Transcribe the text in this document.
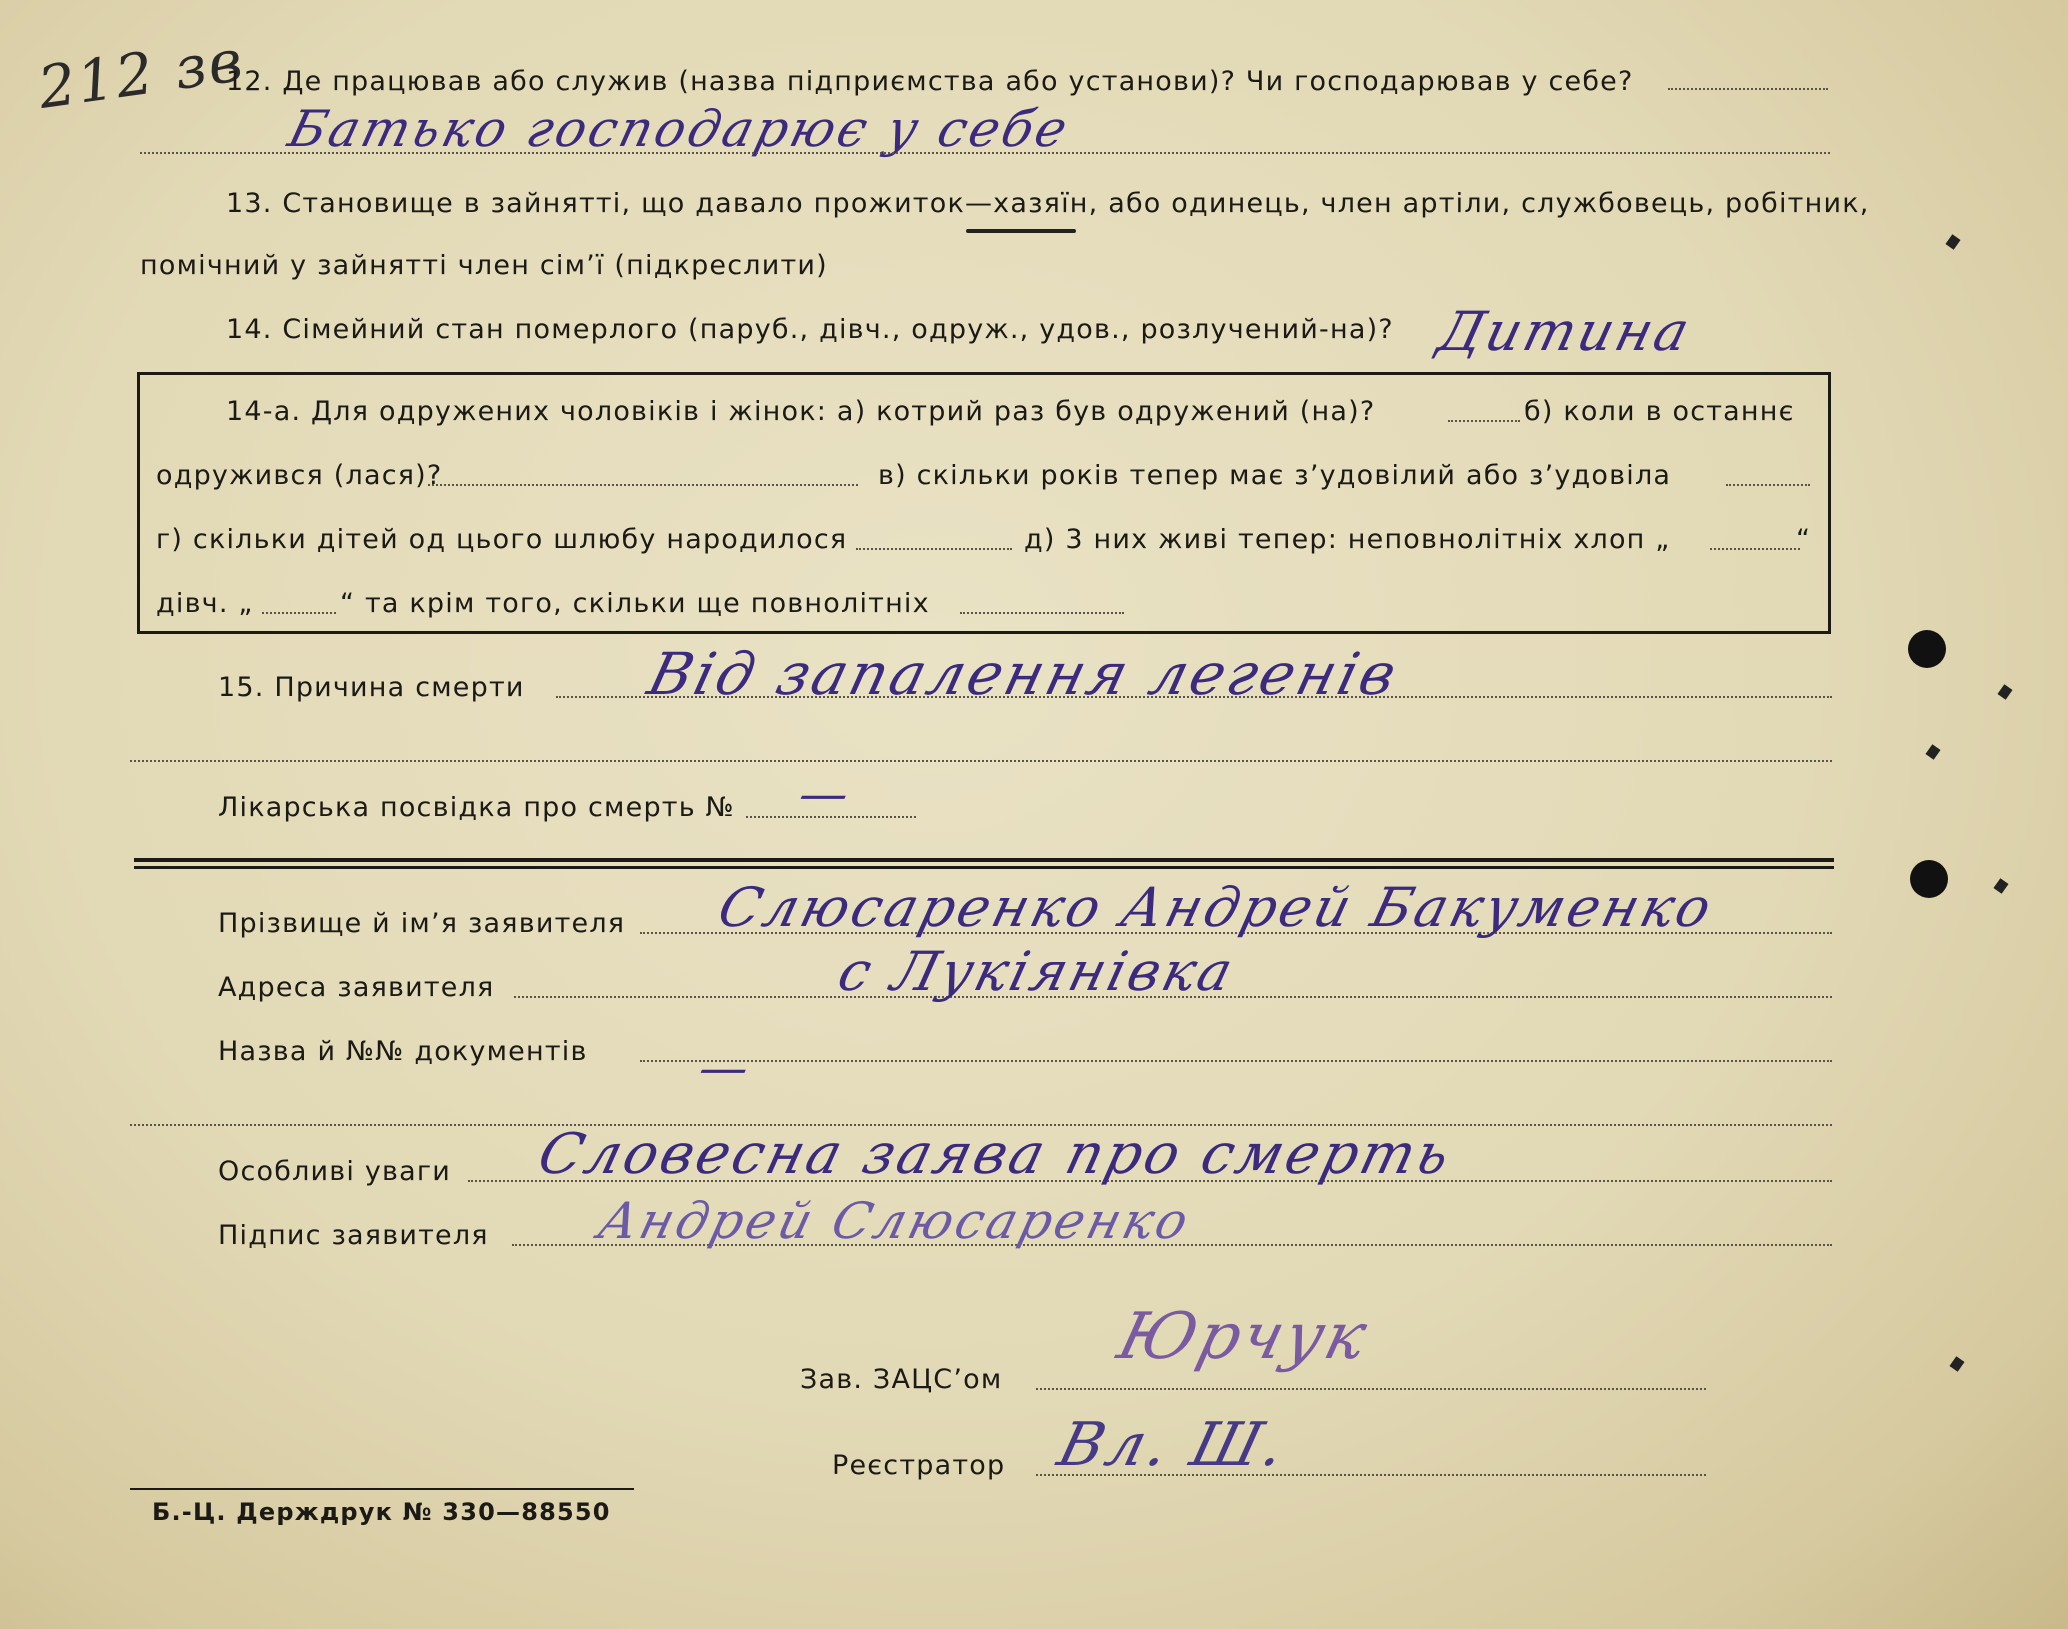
212 зв
12. Де працював або служив (назва підприємства або установи)? Чи господарював у себе?
Батько господарює у себе
13. Становище в зайнятті, що давало прожиток—хазяїн, або одинець, член артіли, службовець, робітник,
помічний у зайнятті член сім’ї (підкреслити)
14. Сімейний стан померлого (паруб., дівч., одруж., удов., розлучений-на)? Дитина
14-а. Для одружених чоловіків і жінок: а) котрий раз був одружений (на)?	б) коли в останнє
одружився (лася)?	в) скільки років тепер має з’удовілий або з’удовіла
г) скільки дітей од цього шлюбу народилося	д) 3 них живі тепер: неповнолітніх хлоп „	“
дівч. „	“ та крім того, скільки ще повнолітніх
15. Причина смерти Від запалення легенів
Лікарська посвідка про смерть № —
Прізвище й ім’я заявителя Слюсаренко Андрей Бакуменко
Адреса заявителя	с Лукіянівка
Назва й №№ документів —
Особливі уваги Словесна заява про смерть
Підпис заявителя Андрей Слюсаренко
Зав. ЗАЦС’ом
Юрчук
Реєстратор Вл. Ш.
Б.-Ц. Держдрук № 330—88550
